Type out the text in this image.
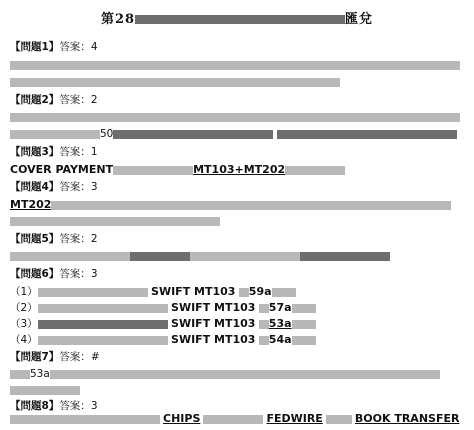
第28	匯兌
【問題1】答案：4
【問題2】答案：2
50
【問題3】答案：1
COVER PAYMENT	MT103+MT202
【問題4】答案：3
MT202
【問題5】答案：2
【問題6】答案：3
（1）	SWIFT MT103 59a
（2）	SWIFT MT103 57a
（3）	SWIFT MT103 53a
（4）	SWIFT MT103 54a
【問題7】答案：#
53a
【問題8】答案：3
CHIPS	FEDWIRE	BOOK TRANSFER
